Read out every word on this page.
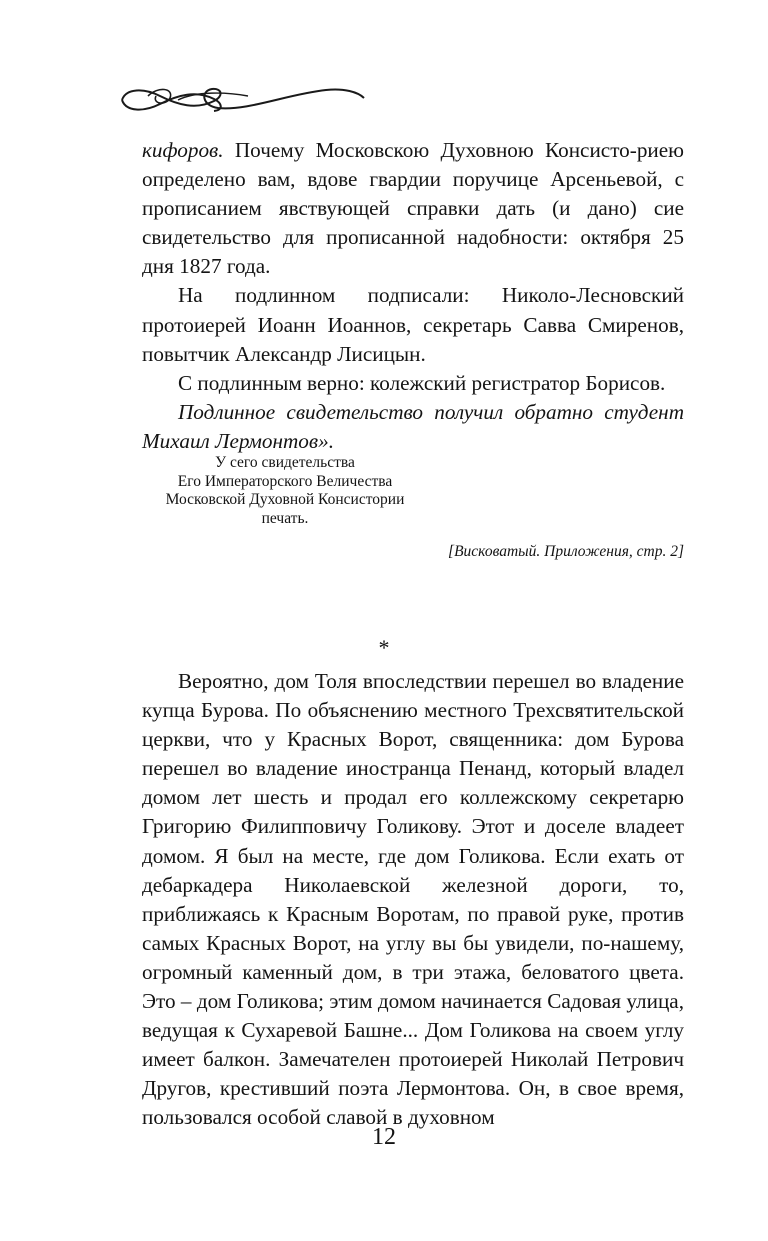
кифоров. Почему Московскою Духовною Консисто-риею определено вам, вдове гвардии поручице Арсеньевой, с прописанием явствующей справки дать (и дано) сие свидетельство для прописанной надобности: октября 25 дня 1827 года.

На подлинном подписали: Николо-Лесновский протоиерей Иоанн Иоаннов, секретарь Савва Смиренов, повытчик Александр Лисицын.

С подлинным верно: колежский регистратор Борисов.

Подлинное свидетельство получил обратно студент Михаил Лермонтов».

У сего свидетельства
Его Императорского Величества
Московской Духовной Консистории
печать.
[Висковатый. Приложения, стр. 2]
*

Вероятно, дом Толя впоследствии перешел во владение купца Бурова. По объяснению местного Трехсвятительской церкви, что у Красных Ворот, священника: дом Бурова перешел во владение иностранца Пенанд, который владел домом лет шесть и продал его коллежскому секретарю Григорию Филипповичу Голикову. Этот и доселе владеет домом. Я был на месте, где дом Голикова. Если ехать от дебаркадера Николаевской железной дороги, то, приближаясь к Красным Воротам, по правой руке, против самых Красных Ворот, на углу вы бы увидели, по-нашему, огромный каменный дом, в три этажа, беловатого цвета. Это – дом Голикова; этим домом начинается Садовая улица, ведущая к Сухаревой Башне... Дом Голикова на своем углу имеет балкон. Замечателен протоиерей Николай Петрович Другов, крестивший поэта Лермонтова. Он, в свое время, пользовался особой славой в духовном

12
